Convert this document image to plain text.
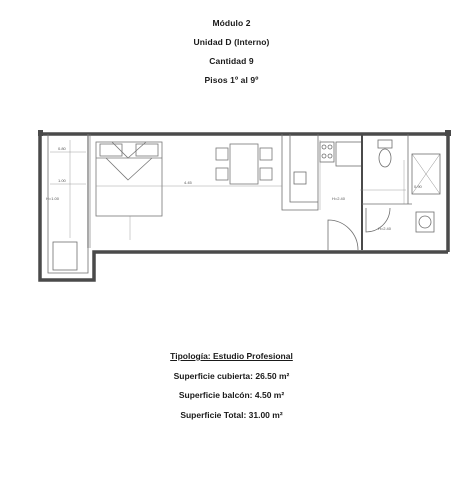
Módulo 2
Unidad D (Interno)
Cantidad 9
Pisos 1º al 9º
0.80
1.00	4.45
0.90
H=1.00	H=2.40
H=2.40
Tipología: Estudio Profesional
Superficie cubierta: 26.50 m²
Superficie balcón: 4.50 m²
Superficie Total: 31.00 m²
